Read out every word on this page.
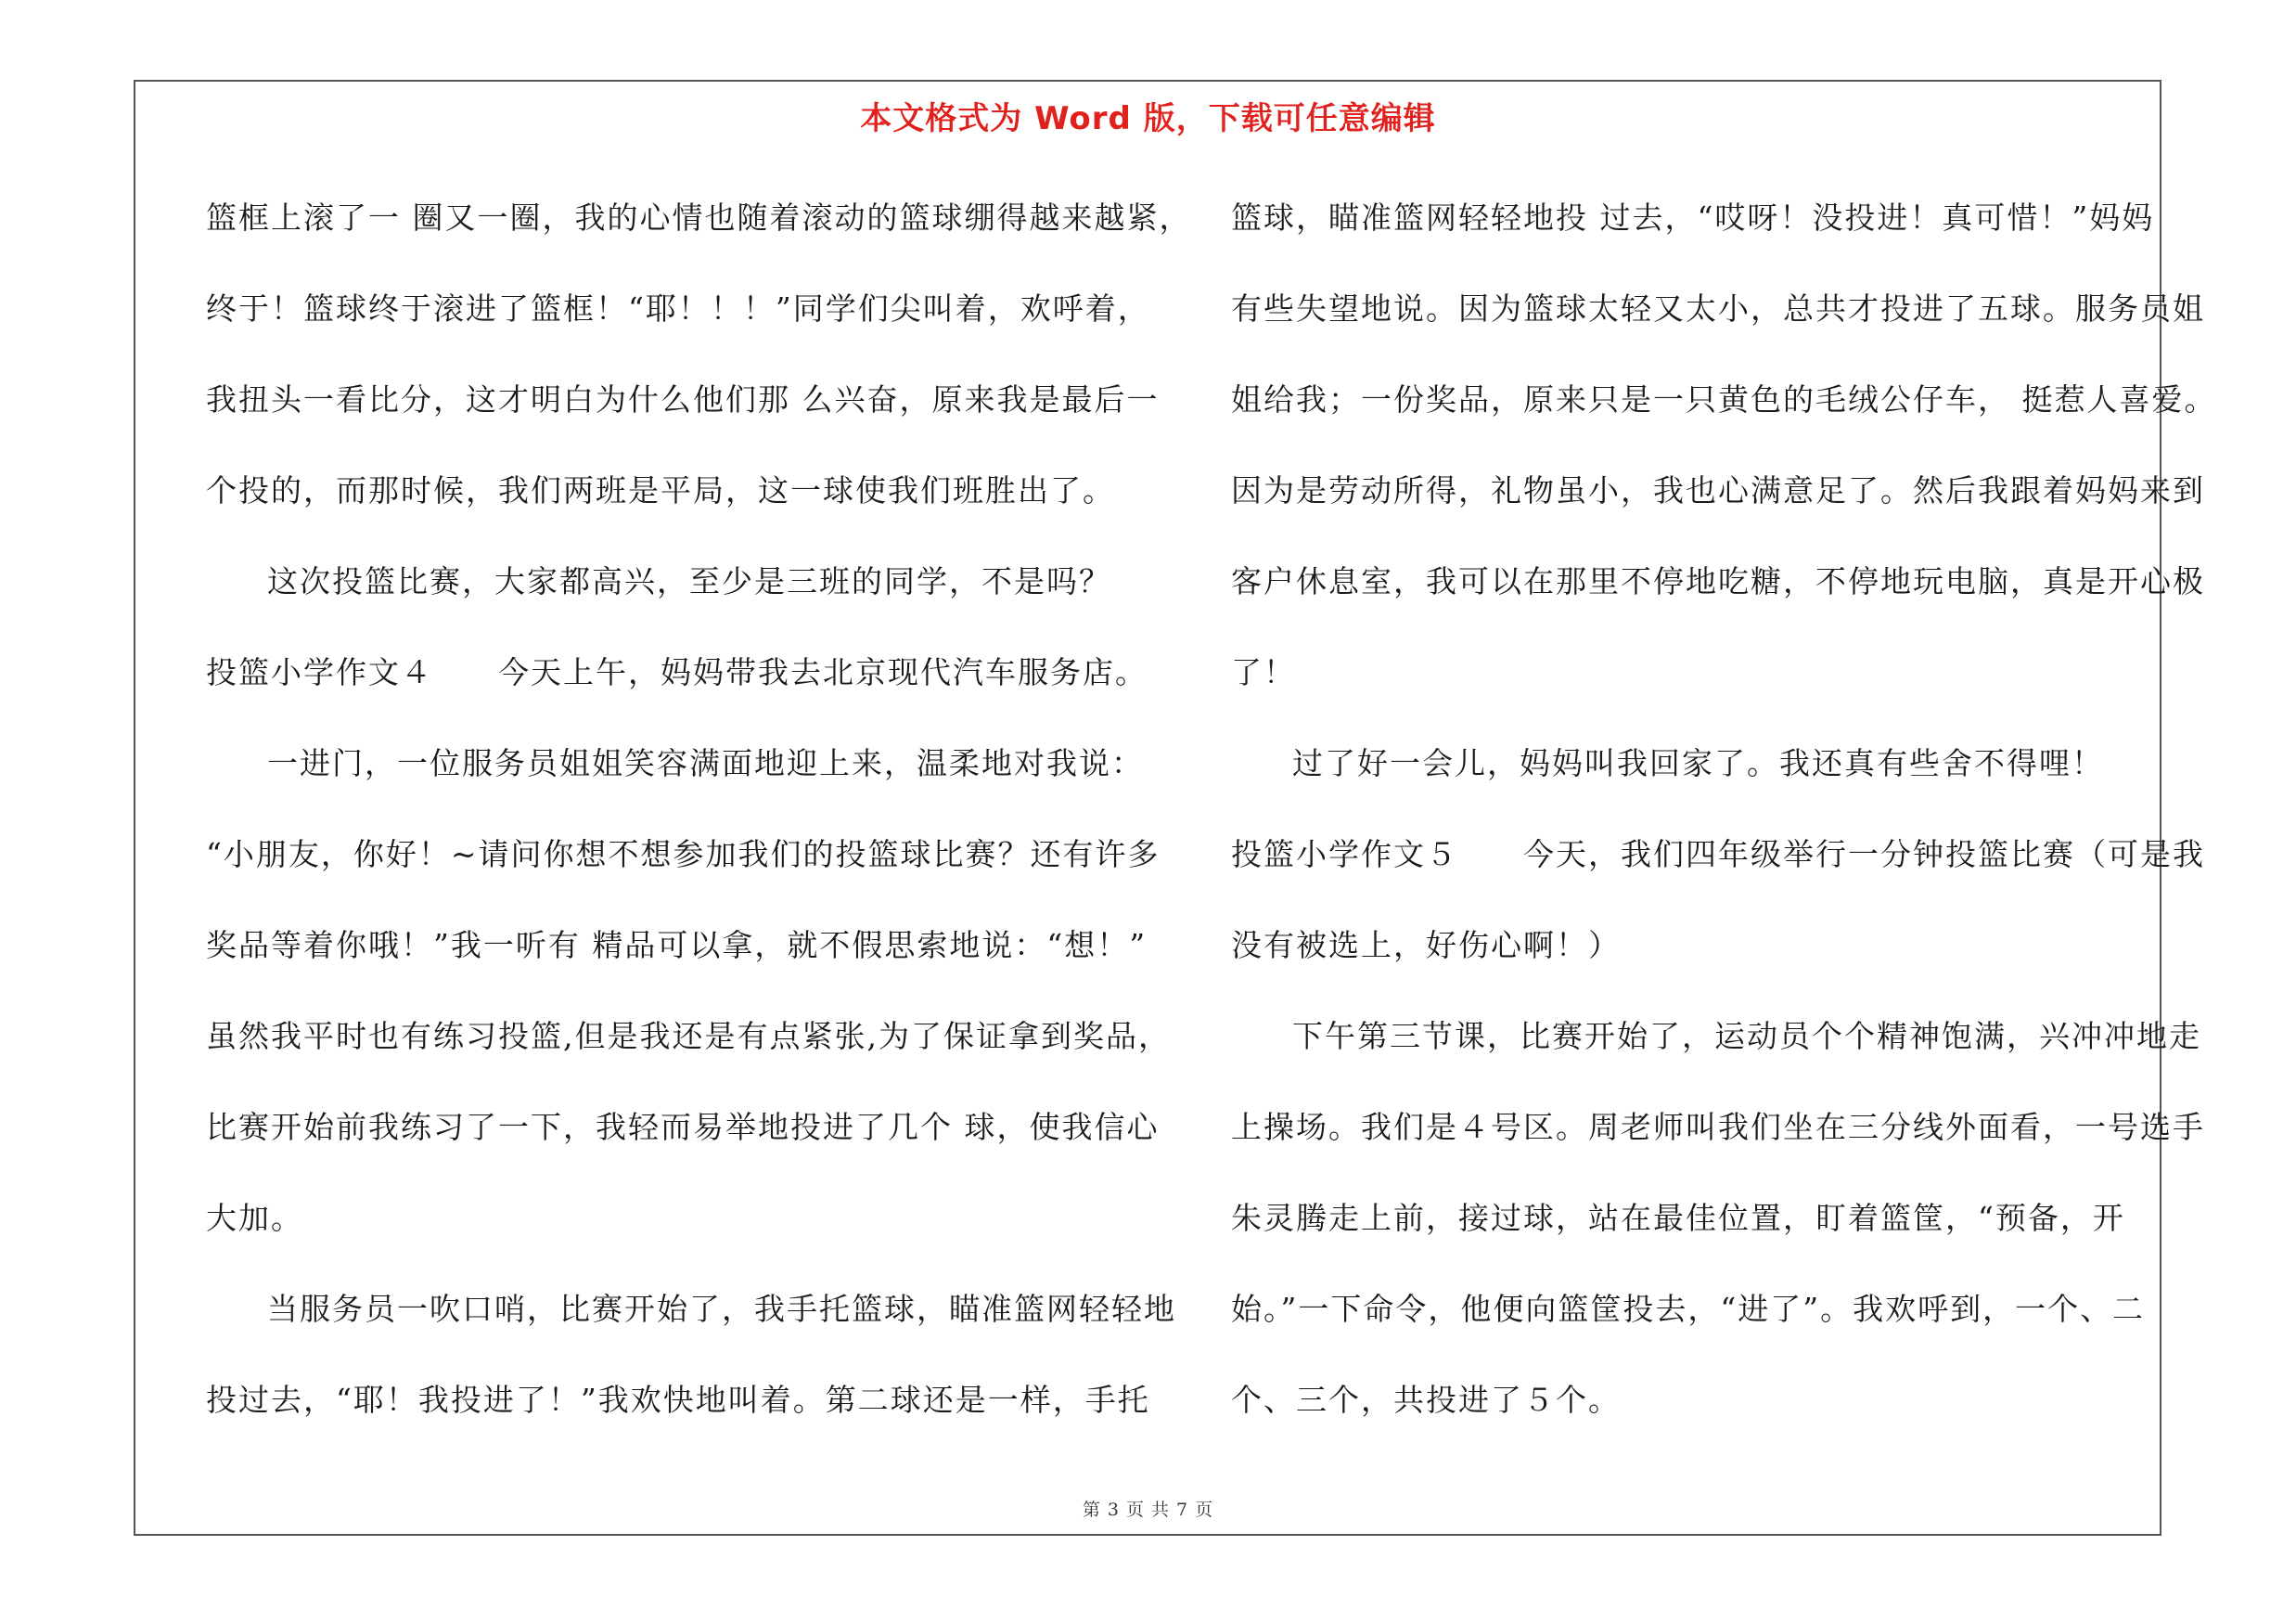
本文格式为 Word 版，下载可任意编辑
篮框上滚了一 圈又一圈，我的心情也随着滚动的篮球绷得越来越紧，
终于！篮球终于滚进了篮框！“耶！！！”同学们尖叫着，欢呼着，
我扭头一看比分，这才明白为什么他们那 么兴奋，原来我是最后一
个投的，而那时候，我们两班是平局，这一球使我们班胜出了。
这次投篮比赛，大家都高兴，至少是三班的同学，不是吗？
投篮小学作文４　　今天上午，妈妈带我去北京现代汽车服务店。
一进门，一位服务员姐姐笑容满面地迎上来，温柔地对我说：
“小朋友，你好！~请问你想不想参加我们的投篮球比赛？还有许多
奖品等着你哦！”我一听有 精品可以拿，就不假思索地说：“想！”
虽然我平时也有练习投篮,但是我还是有点紧张,为了保证拿到奖品，
比赛开始前我练习了一下，我轻而易举地投进了几个 球，使我信心
大加。
当服务员一吹口哨，比赛开始了，我手托篮球，瞄准篮网轻轻地
投过去，“耶！我投进了！”我欢快地叫着。第二球还是一样，手托
篮球，瞄准篮网轻轻地投 过去，“哎呀！没投进！真可惜！”妈妈
有些失望地说。因为篮球太轻又太小，总共才投进了五球。服务员姐
姐给我；一份奖品，原来只是一只黄色的毛绒公仔车， 挺惹人喜爱。
因为是劳动所得，礼物虽小，我也心满意足了。然后我跟着妈妈来到
客户休息室，我可以在那里不停地吃糖，不停地玩电脑，真是开心极
了！
过了好一会儿，妈妈叫我回家了。我还真有些舍不得哩！
投篮小学作文５　　今天，我们四年级举行一分钟投篮比赛（可是我
没有被选上，好伤心啊！）
下午第三节课，比赛开始了，运动员个个精神饱满，兴冲冲地走
上操场。我们是４号区。周老师叫我们坐在三分线外面看，一号选手
朱灵腾走上前，接过球，站在最佳位置，盯着篮筐，“预备，开
始。”一下命令，他便向篮筐投去，“进了”。我欢呼到，一个、二
个、三个，共投进了５个。
第 3 页 共 7 页
